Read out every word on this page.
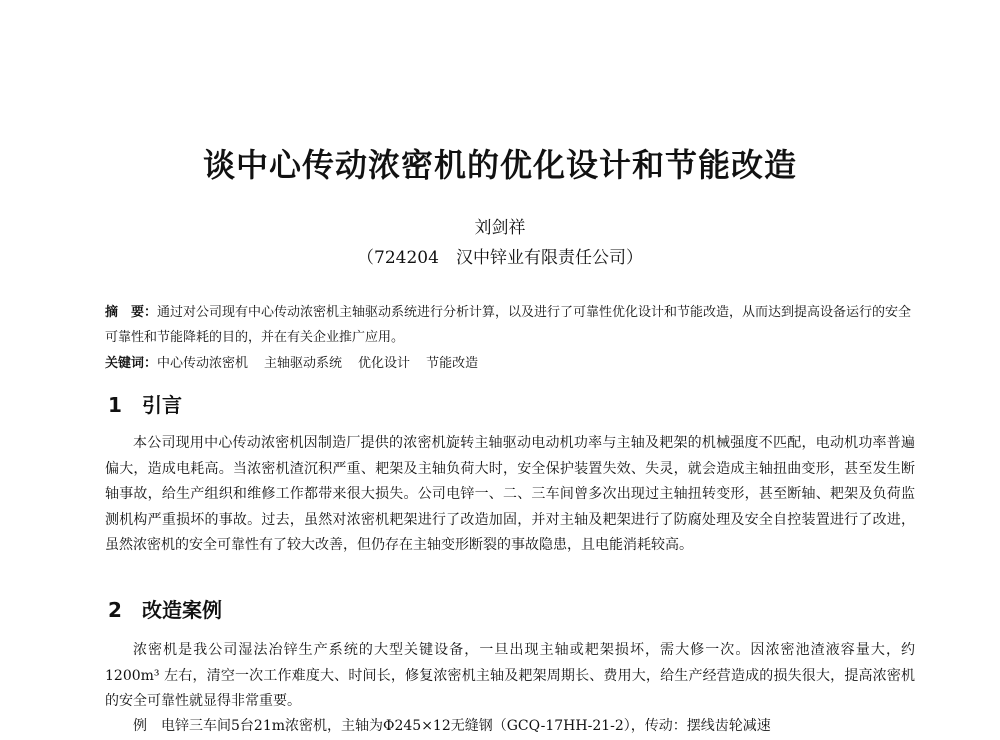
谈中心传动浓密机的优化设计和节能改造
刘剑祥
（724204　汉中锌业有限责任公司）
摘　要：通过对公司现有中心传动浓密机主轴驱动系统进行分析计算，以及进行了可靠性优化设计和节能改造，从而达到提高设备运行的安全可靠性和节能降耗的目的，并在有关企业推广应用。
关键词：中心传动浓密机 主轴驱动系统 优化设计 节能改造
1 引言

本公司现用中心传动浓密机因制造厂提供的浓密机旋转主轴驱动电动机功率与主轴及耙架的机械强度不匹配，电动机功率普遍偏大，造成电耗高。当浓密机渣沉积严重、耙架及主轴负荷大时，安全保护装置失效、失灵，就会造成主轴扭曲变形，甚至发生断轴事故，给生产组织和维修工作都带来很大损失。公司电锌一、二、三车间曾多次出现过主轴扭转变形，甚至断轴、耙架及负荷监测机构严重损坏的事故。过去，虽然对浓密机耙架进行了改造加固，并对主轴及耙架进行了防腐处理及安全自控装置进行了改进，虽然浓密机的安全可靠性有了较大改善，但仍存在主轴变形断裂的事故隐患，且电能消耗较高。

2 改造案例

浓密机是我公司湿法冶锌生产系统的大型关键设备，一旦出现主轴或耙架损坏，需大修一次。因浓密池渣液容量大，约1200m³ 左右，清空一次工作难度大、时间长，修复浓密机主轴及耙架周期长、费用大，给生产经营造成的损失很大，提高浓密机的安全可靠性就显得非常重要。

例　电锌三车间5台21m浓密机，主轴为Φ245×12无缝钢（GCQ-17HH-21-2），传动：摆线齿轮减速
